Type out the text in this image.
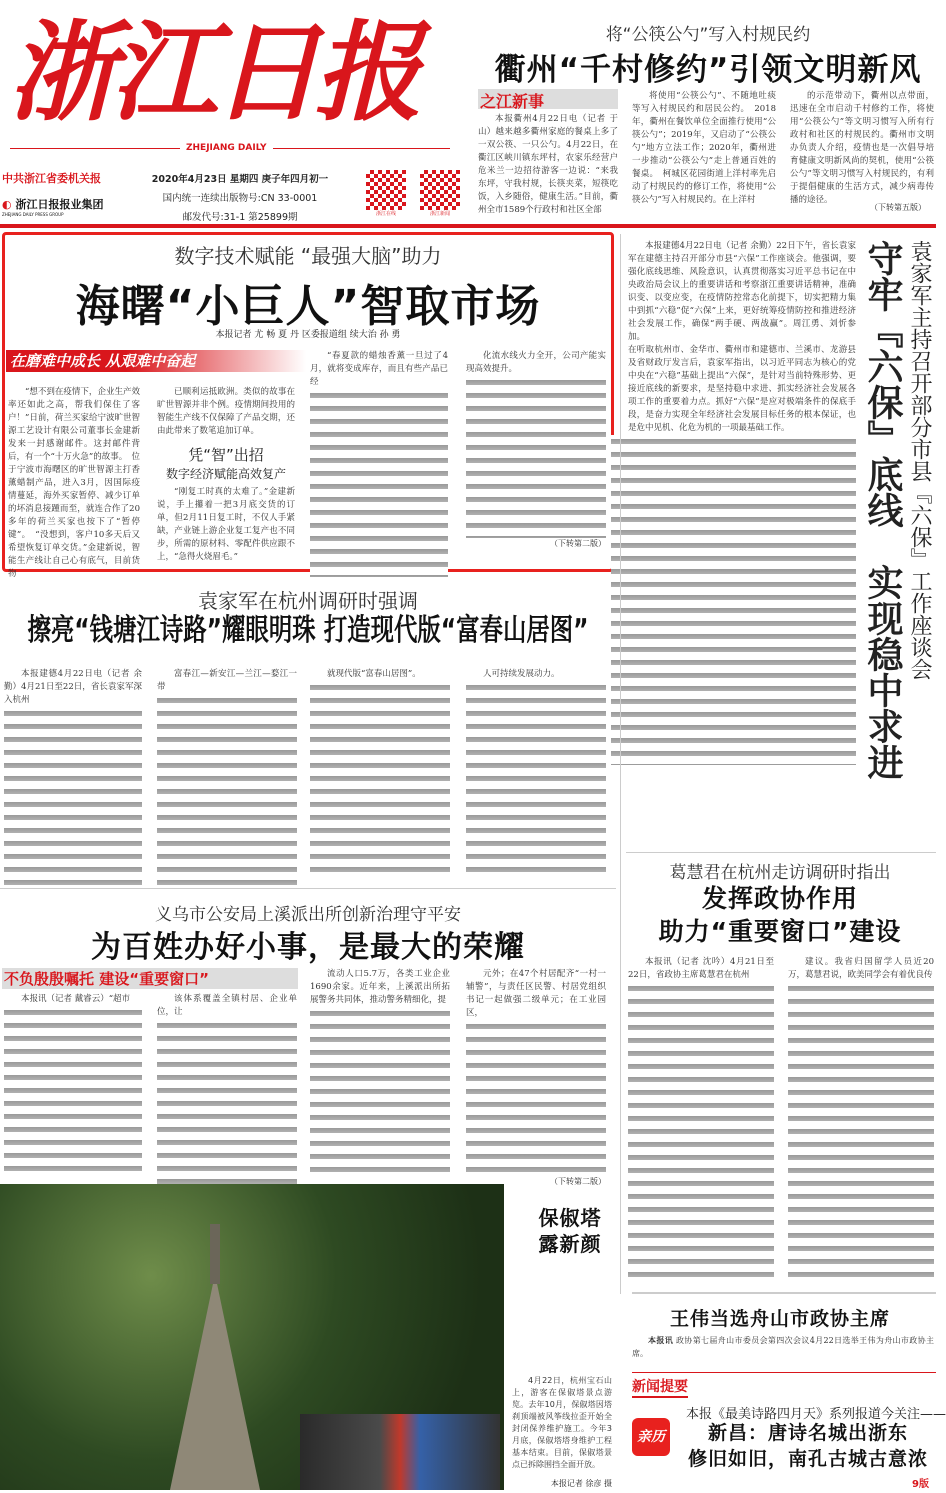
浙江日报
ZHEJIANG DAILY
中共浙江省委机关报
◐ 浙江日报报业集团
ZHEJIANG DAILY PRESS GROUP
2020年4月23日 星期四 庚子年四月初一
国内统一连续出版物号:CN 33-0001
邮发代号:31-1 第25899期	浙江在线	浙江新闻
将“公筷公勺”写入村规民约
衢州“千村修约”引领文明新风
之江新事
本报衢州4月22日电（记者 于山）越来越多衢州家庭的餐桌上多了一双公筷、一只公勺。4月22日，在衢江区峡川镇东坪村，农家乐经营户危米兰一边招待游客一边说：“来我东坪，守我村规，长筷夹菜，短筷吃饭，入乡随俗，健康生活。”目前，衢州全市1589个行政村和社区全部
将使用“公筷公勺”、不随地吐痰等写入村规民约和居民公约。　2018年，衢州在餐饮单位全面推行使用“公筷公勺”；2019年，又启动了“公筷公勺”地方立法工作；2020年，衢州进一步推动“公筷公勺”走上普通百姓的餐桌。　柯城区花园街道上洋村率先启动了村规民约的修订工作，将使用“公筷公勺”写入村规民约。在上洋村
的示范带动下，衢州以点带面，迅速在全市启动千村修约工作，将使用“公筷公勺”等文明习惯写入所有行政村和社区的村规民约。衢州市文明办负责人介绍，疫情也是一次倡导培育健康文明新风尚的契机，使用“公筷公勺”等文明习惯写入村规民约，有利于提倡健康的生活方式，减少病毒传播的途径。
（下转第五版）
数字技术赋能 “最强大脑”助力
海曙“小巨人”智取市场
本报记者 尤 畅 夏 丹 区委报道组 续大治 孙 勇
在磨难中成长 从艰难中奋起
“想不到在疫情下，企业生产效率还如此之高，帮我们保住了客户！”日前，荷兰买家给宁波旷世智源工艺设计有限公司董事长金建新发来一封感谢邮件。这封邮件背后，有一个“十万火急”的故事。　位于宁波市海曙区的旷世智源主打香薰蜡制产品，进入3月，因国际疫情蔓延，海外买家暂停、减少订单的坏消息接踵而至，就连合作了20多年的荷兰买家也按下了“暂停键”。　“没想到，客户10多天后又希望恢复订单交货。”金建新说，智能生产线让自己心有底气，目前货物
已顺利运抵欧洲。类似的故事在旷世智源并非个例。疫情期间投用的智能生产线不仅保障了产品交期，还由此带来了数笔追加订单。
凭“智”出招
数字经济赋能高效复产
“刚复工时真的太难了。”金建新说，手上攥着一把3月底交货的订单，但2月11日复工时，不仅人手紧缺，产业链上游企业复工复产也不同步，所需的原材料、零配件供应跟不上，“急得火烧眉毛。”
“春夏款的蜡烛香薰一旦过了4月，就将变成库存，而且有些产品已经
化流水线火力全开，公司产能实现高效提升。
（下转第二版）
本报建德4月22日电（记者 余勤）22日下午，省长袁家军在建德主持召开部分市县“六保”工作座谈会。他强调，要强化底线思维、风险意识，认真贯彻落实习近平总书记在中央政治局会议上的重要讲话和考察浙江重要讲话精神，准确识变、以变应变，在疫情防控常态化前提下，切实把精力集中到抓“六稳”促“六保”上来，更好统筹疫情防控和推进经济社会发展工作，确保“两手硬、两战赢”。周江勇、刘忻参加。
在听取杭州市、金华市、衢州市和建德市、兰溪市、龙游县及省财政厅发言后，袁家军指出，以习近平同志为核心的党中央在“六稳”基础上提出“六保”，是针对当前特殊形势、更接近底线的新要求，是坚持稳中求进、抓实经济社会发展各项工作的重要着力点。抓好“六保”是应对极端条件的保底手段，是奋力实现全年经济社会发展目标任务的根本保证，也是危中见机、化危为机的一项最基础工作。	守牢『六保』底线　实现稳中求进 袁家军主持召开部分市县『六保』工作座谈会
袁家军在杭州调研时强调
擦亮“钱塘江诗路”耀眼明珠 打造现代版“富春山居图”
本报建德4月22日电（记者 余勤）4月21日至22日，省长袁家军深入杭州
富春江—新安江—兰江—婺江一带
就现代版“富春山居图”。	人可持续发展动力。
葛慧君在杭州走访调研时指出
发挥政协作用
助力“重要窗口”建设
本报讯（记者 沈吟）4月21日至22日，省政协主席葛慧君在杭州
建议。我省归国留学人员近20万，葛慧君说，欧美同学会有着优良传
义乌市公安局上溪派出所创新治理守平安
为百姓办好小事，是最大的荣耀
不负殷殷嘱托 建设“重要窗口”
本报讯（记者 戴睿云）“超市	该体系覆盖全镇村居、企业单位，让
流动人口5.7万，各类工业企业1690余家。近年来，上溪派出所拓展警务共同体，推动警务精细化，提
元外；在47个村居配齐“一村一辅警”，与责任区民警、村居党组织书记一起做强二级单元；在工业园区，
（下转第二版）
保俶塔
露新颜
4月22日，杭州宝石山上，游客在保俶塔景点游览。去年10月，保俶塔因塔刹顶端被风筝线拉歪开始全封闭保养维护施工。今年3月底，保俶塔塔身维护工程基本结束。目前，保俶塔景点已拆除围挡全面开放。
本报记者 徐彦 摄
王伟当选舟山市政协主席
本报讯 政协第七届舟山市委员会第四次会议4月22日选举王伟为舟山市政协主席。
新闻提要
亲历
本报《最美诗路四月天》系列报道今关注——
新昌：唐诗名城出浙东
修旧如旧，南孔古城古意浓
9版
